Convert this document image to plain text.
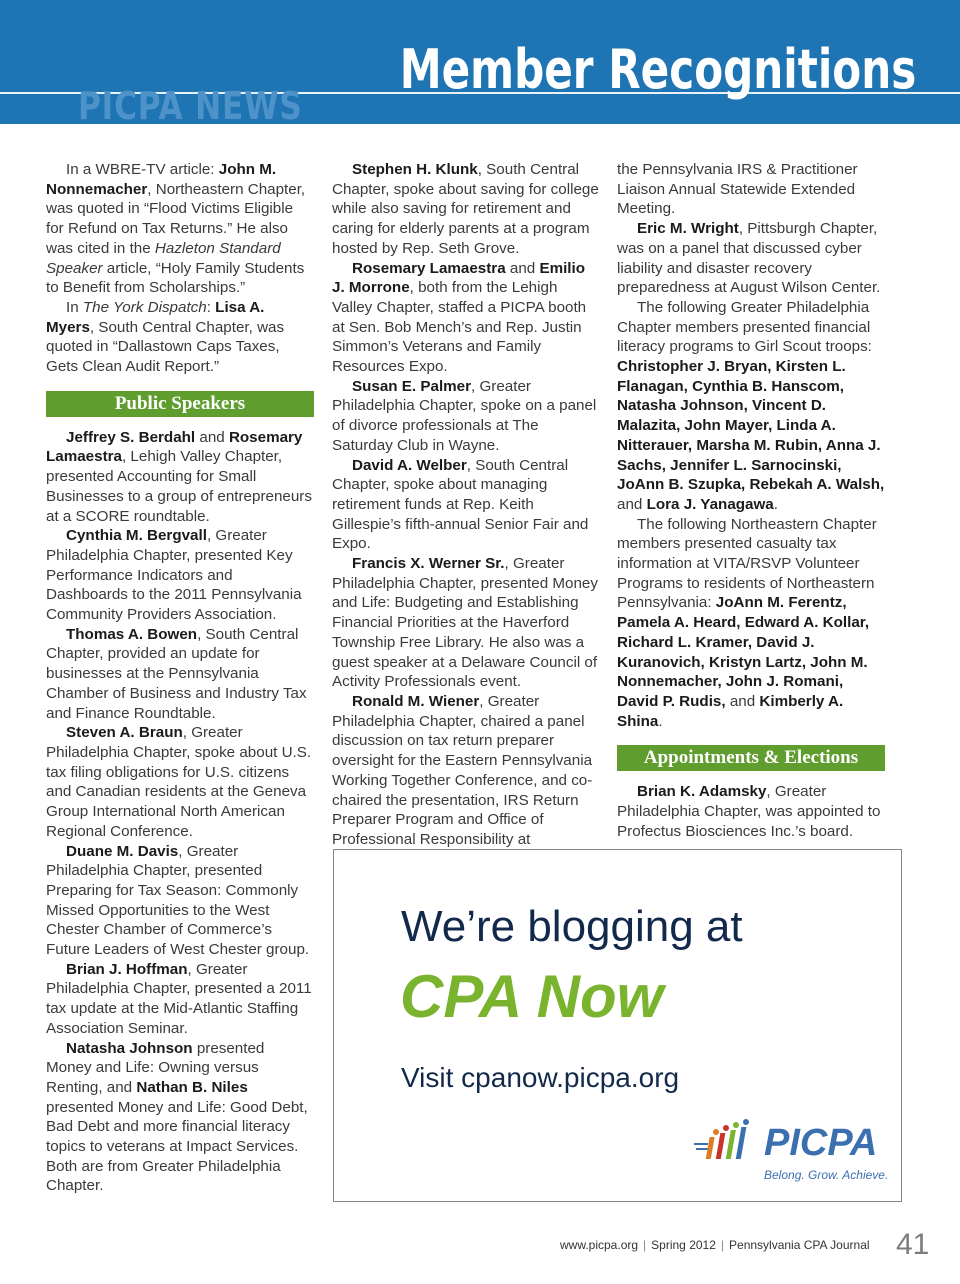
PICPA NEWS
Member Recognitions

In a WBRE-TV article: John M. Nonnemacher, Northeastern Chapter, was quoted in “Flood Victims Eligible for Refund on Tax Returns.” He also was cited in the Hazleton Standard Speaker article, “Holy Family Students to Benefit from Scholarships.”

In The York Dispatch: Lisa A. Myers, South Central Chapter, was quoted in “Dallastown Caps Taxes, Gets Clean Audit Report.”

Public Speakers

Jeffrey S. Berdahl and Rosemary Lamaestra, Lehigh Valley Chapter, presented Accounting for Small Businesses to a group of entrepreneurs at a SCORE roundtable.

Cynthia M. Bergvall, Greater Philadelphia Chapter, presented Key Performance Indicators and Dashboards to the 2011 Pennsylvania Community Providers Association.

Thomas A. Bowen, South Central Chapter, provided an update for businesses at the Pennsylvania Chamber of Business and Industry Tax and Finance Roundtable.

Steven A. Braun, Greater Philadelphia Chapter, spoke about U.S. tax filing obligations for U.S. citizens and Canadian residents at the Geneva Group International North American Regional Conference.

Duane M. Davis, Greater Philadelphia Chapter, presented Preparing for Tax Season: Commonly Missed Opportunities to the West Chester Chamber of Commerce’s Future Leaders of West Chester group.

Brian J. Hoffman, Greater Philadelphia Chapter, presented a 2011 tax update at the Mid-Atlantic Staffing Association Seminar.

Natasha Johnson presented Money and Life: Owning versus Renting, and Nathan B. Niles presented Money and Life: Good Debt, Bad Debt and more financial literacy topics to veterans at Impact Services. Both are from Greater Philadelphia Chapter.

Stephen H. Klunk, South Central Chapter, spoke about saving for college while also saving for retirement and caring for elderly parents at a program hosted by Rep. Seth Grove.

Rosemary Lamaestra and Emilio J. Morrone, both from the Lehigh Valley Chapter, staffed a PICPA booth at Sen. Bob Mench’s and Rep. Justin Simmon’s Veterans and Family Resources Expo.

Susan E. Palmer, Greater Philadelphia Chapter, spoke on a panel of divorce professionals at The Saturday Club in Wayne.

David A. Welber, South Central Chapter, spoke about managing retirement funds at Rep. Keith Gillespie’s fifth-annual Senior Fair and Expo.

Francis X. Werner Sr., Greater Philadelphia Chapter, presented Money and Life: Budgeting and Establishing Financial Priorities at the Haverford Township Free Library. He also was a guest speaker at a Delaware Council of Activity Professionals event.

Ronald M. Wiener, Greater Philadelphia Chapter, chaired a panel discussion on tax return preparer oversight for the Eastern Pennsylvania Working Together Conference, and co-chaired the presentation, IRS Return Preparer Program and Office of Professional Responsibility at

the Pennsylvania IRS & Practitioner Liaison Annual Statewide Extended Meeting.

Eric M. Wright, Pittsburgh Chapter, was on a panel that discussed cyber liability and disaster recovery preparedness at August Wilson Center.

The following Greater Philadelphia Chapter members presented financial literacy programs to Girl Scout troops: Christopher J. Bryan, Kirsten L. Flanagan, Cynthia B. Hanscom, Natasha Johnson, Vincent D. Malazita, John Mayer, Linda A. Nitterauer, Marsha M. Rubin, Anna J. Sachs, Jennifer L. Sarnocinski, JoAnn B. Szupka, Rebekah A. Walsh, and Lora J. Yanagawa.

The following Northeastern Chapter members presented casualty tax information at VITA/RSVP Volunteer Programs to residents of Northeastern Pennsylvania: JoAnn M. Ferentz, Pamela A. Heard, Edward A. Kollar, Richard L. Kramer, David J. Kuranovich, Kristyn Lartz, John M. Nonnemacher, John J. Romani, David P. Rudis, and Kimberly A. Shina.

Appointments & Elections

Brian K. Adamsky, Greater Philadelphia Chapter, was appointed to Profectus Biosciences Inc.’s board.

We’re blogging at
CPA Now
Visit cpanow.picpa.org
PICPA
Belong. Grow. Achieve.
www.picpa.org | Spring 2012 | Pennsylvania CPA Journal 41
